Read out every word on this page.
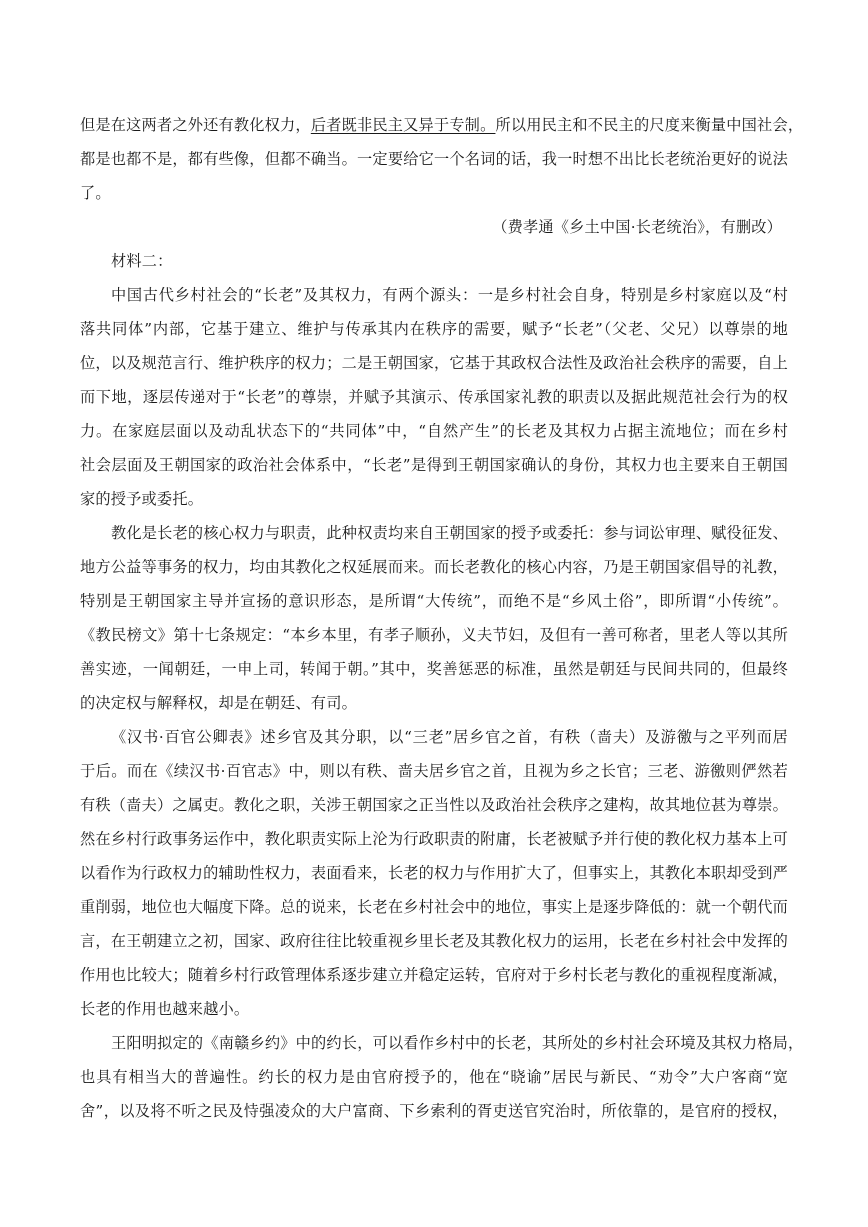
但是在这两者之外还有教化权力，后者既非民主又异于专制。所以用民主和不民主的尺度来衡量中国社会，
都是也都不是，都有些像，但都不确当。一定要给它一个名词的话，我一时想不出比长老统治更好的说法
了。
（费孝通《乡土中国·长老统治》，有删改）
材料二：
中国古代乡村社会的“长老”及其权力，有两个源头：一是乡村社会自身，特别是乡村家庭以及“村
落共同体”内部，它基于建立、维护与传承其内在秩序的需要，赋予“长老”（父老、父兄）以尊崇的地
位，以及规范言行、维护秩序的权力；二是王朝国家，它基于其政权合法性及政治社会秩序的需要，自上
而下地，逐层传递对于“长老”的尊崇，并赋予其演示、传承国家礼教的职责以及据此规范社会行为的权
力。在家庭层面以及动乱状态下的“共同体”中，“自然产生”的长老及其权力占据主流地位；而在乡村
社会层面及王朝国家的政治社会体系中，“长老”是得到王朝国家确认的身份，其权力也主要来自王朝国
家的授予或委托。
教化是长老的核心权力与职责，此种权责均来自王朝国家的授予或委托：参与词讼审理、赋役征发、
地方公益等事务的权力，均由其教化之权延展而来。而长老教化的核心内容，乃是王朝国家倡导的礼教，
特别是王朝国家主导并宣扬的意识形态，是所谓“大传统”，而绝不是“乡风土俗”，即所谓“小传统”。
《教民榜文》第十七条规定：“本乡本里，有孝子顺孙，义夫节妇，及但有一善可称者，里老人等以其所
善实迹，一闻朝廷，一申上司，转闻于朝。”其中，奖善惩恶的标准，虽然是朝廷与民间共同的，但最终
的决定权与解释权，却是在朝廷、有司。
《汉书·百官公卿表》述乡官及其分职，以“三老”居乡官之首，有秩（啬夫）及游徼与之平列而居
于后。而在《续汉书·百官志》中，则以有秩、啬夫居乡官之首，且视为乡之长官；三老、游徼则俨然若
有秩（啬夫）之属吏。教化之职，关涉王朝国家之正当性以及政治社会秩序之建构，故其地位甚为尊崇。
然在乡村行政事务运作中，教化职责实际上沦为行政职责的附庸，长老被赋予并行使的教化权力基本上可
以看作为行政权力的辅助性权力，表面看来，长老的权力与作用扩大了，但事实上，其教化本职却受到严
重削弱，地位也大幅度下降。总的说来，长老在乡村社会中的地位，事实上是逐步降低的：就一个朝代而
言，在王朝建立之初，国家、政府往往比较重视乡里长老及其教化权力的运用，长老在乡村社会中发挥的
作用也比较大；随着乡村行政管理体系逐步建立并稳定运转，官府对于乡村长老与教化的重视程度渐减，
长老的作用也越来越小。
王阳明拟定的《南赣乡约》中的约长，可以看作乡村中的长老，其所处的乡村社会环境及其权力格局，
也具有相当大的普遍性。约长的权力是由官府授予的，他在“晓谕”居民与新民、“劝令”大户客商“宽
舍”，以及将不听之民及恃强凌众的大户富商、下乡索利的胥吏送官究治时，所依靠的，是官府的授权，
